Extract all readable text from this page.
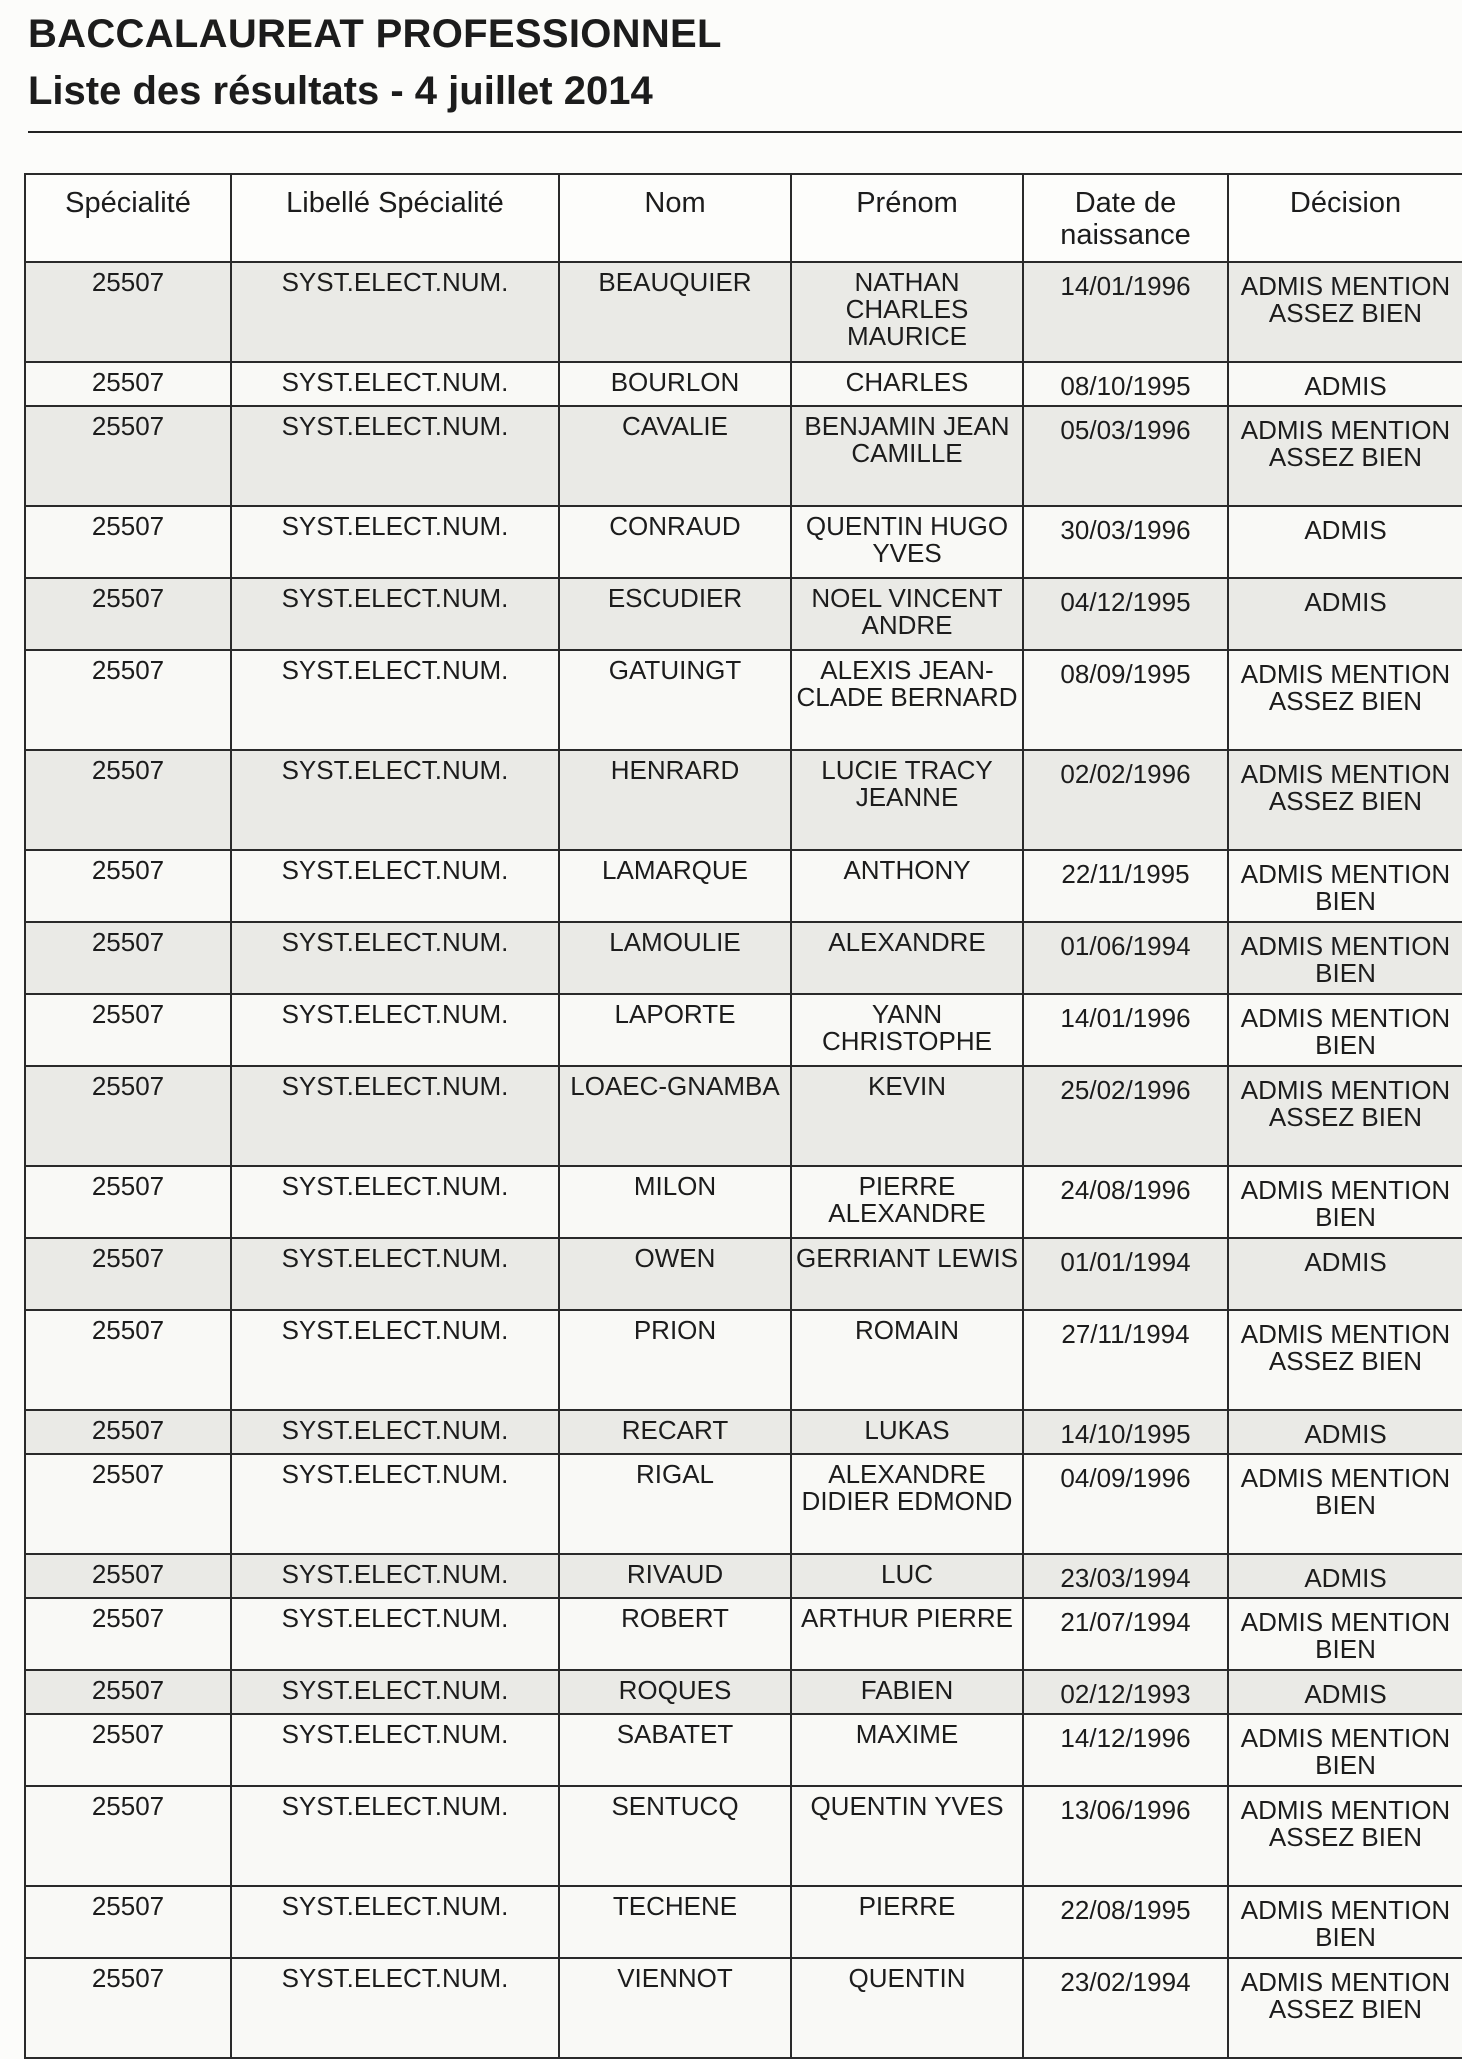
BACCALAUREAT PROFESSIONNEL
Liste des résultats - 4 juillet 2014
Spécialité	Libellé Spécialité	Nom	Prénom	Date de naissance	Décision
25507	SYST.ELECT.NUM.	BEAUQUIER	NATHAN CHARLES MAURICE	14/01/1996	ADMIS MENTION ASSEZ BIEN
25507	SYST.ELECT.NUM.	BOURLON	CHARLES	08/10/1995	ADMIS
25507	SYST.ELECT.NUM.	CAVALIE	BENJAMIN JEAN CAMILLE	05/03/1996	ADMIS MENTION ASSEZ BIEN
25507	SYST.ELECT.NUM.	CONRAUD	QUENTIN HUGO YVES	30/03/1996	ADMIS
25507	SYST.ELECT.NUM.	ESCUDIER	NOEL VINCENT ANDRE	04/12/1995	ADMIS
25507	SYST.ELECT.NUM.	GATUINGT	ALEXIS JEAN-CLADE BERNARD	08/09/1995	ADMIS MENTION ASSEZ BIEN
25507	SYST.ELECT.NUM.	HENRARD	LUCIE TRACY JEANNE	02/02/1996	ADMIS MENTION ASSEZ BIEN
25507	SYST.ELECT.NUM.	LAMARQUE	ANTHONY	22/11/1995	ADMIS MENTION BIEN
25507	SYST.ELECT.NUM.	LAMOULIE	ALEXANDRE	01/06/1994	ADMIS MENTION BIEN
25507	SYST.ELECT.NUM.	LAPORTE	YANN CHRISTOPHE	14/01/1996	ADMIS MENTION BIEN
25507	SYST.ELECT.NUM.	LOAEC-GNAMBA	KEVIN	25/02/1996	ADMIS MENTION ASSEZ BIEN
25507	SYST.ELECT.NUM.	MILON	PIERRE ALEXANDRE	24/08/1996	ADMIS MENTION BIEN
25507	SYST.ELECT.NUM.	OWEN	GERRIANT LEWIS	01/01/1994	ADMIS
25507	SYST.ELECT.NUM.	PRION	ROMAIN	27/11/1994	ADMIS MENTION ASSEZ BIEN
25507	SYST.ELECT.NUM.	RECART	LUKAS	14/10/1995	ADMIS
25507	SYST.ELECT.NUM.	RIGAL	ALEXANDRE DIDIER EDMOND	04/09/1996	ADMIS MENTION BIEN
25507	SYST.ELECT.NUM.	RIVAUD	LUC	23/03/1994	ADMIS
25507	SYST.ELECT.NUM.	ROBERT	ARTHUR PIERRE	21/07/1994	ADMIS MENTION BIEN
25507	SYST.ELECT.NUM.	ROQUES	FABIEN	02/12/1993	ADMIS
25507	SYST.ELECT.NUM.	SABATET	MAXIME	14/12/1996	ADMIS MENTION BIEN
25507	SYST.ELECT.NUM.	SENTUCQ	QUENTIN YVES	13/06/1996	ADMIS MENTION ASSEZ BIEN
25507	SYST.ELECT.NUM.	TECHENE	PIERRE	22/08/1995	ADMIS MENTION BIEN
25507	SYST.ELECT.NUM.	VIENNOT	QUENTIN	23/02/1994	ADMIS MENTION ASSEZ BIEN
